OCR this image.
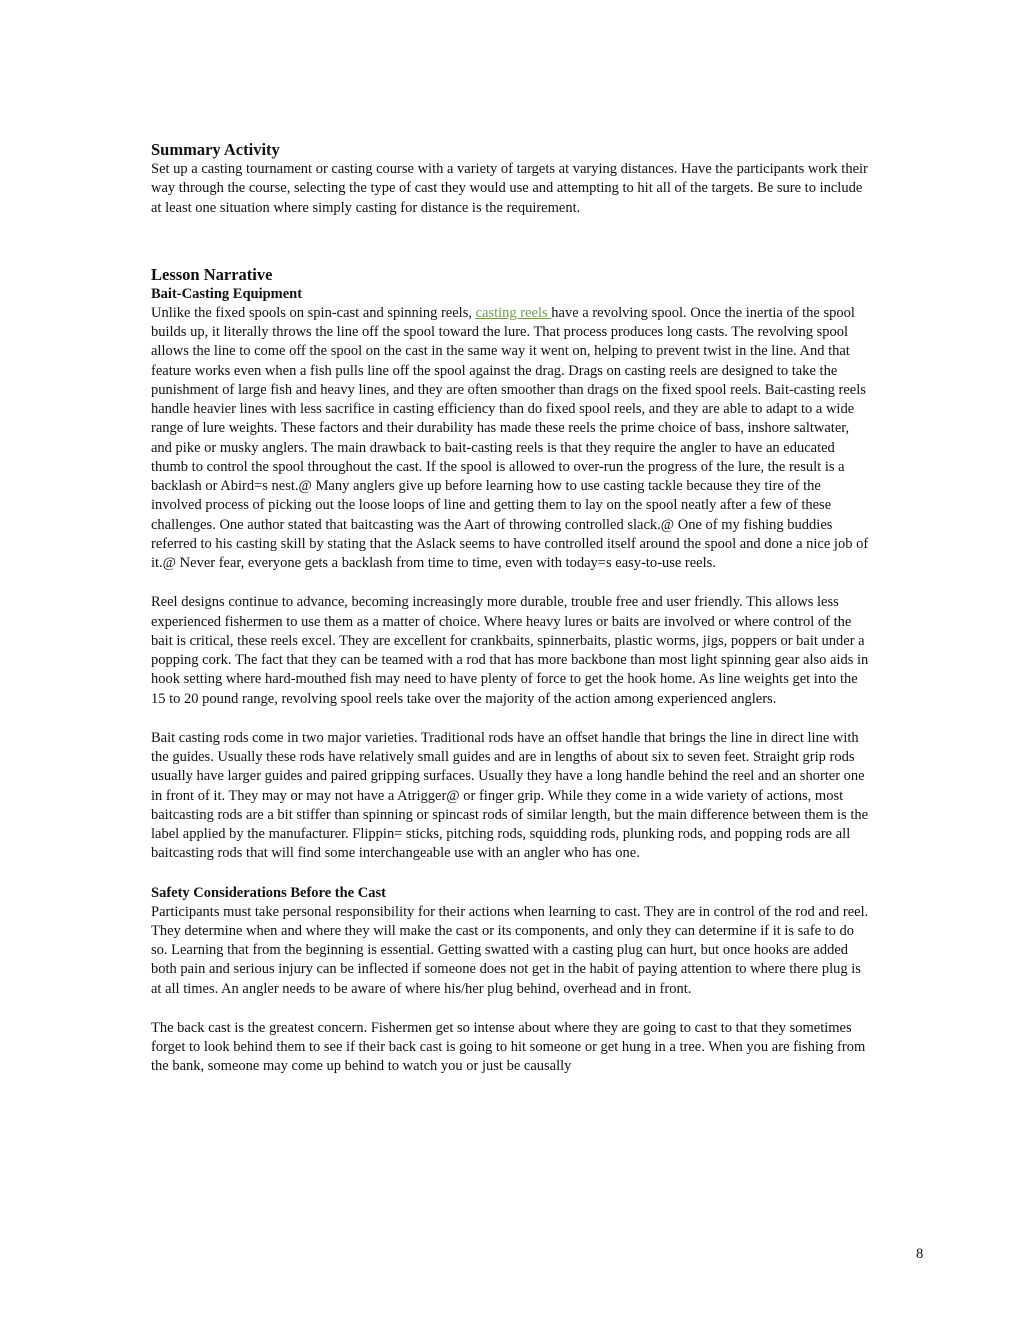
Summary Activity

Set up a casting tournament or casting course with a variety of targets at varying distances. Have the participants work their way through the course, selecting the type of cast they would use and attempting to hit all of the targets. Be sure to include at least one situation where simply casting for distance is the requirement.

Lesson Narrative
Bait-Casting Equipment

Unlike the fixed spools on spin-cast and spinning reels, casting reels have a revolving spool. Once the inertia of the spool builds up, it literally throws the line off the spool toward the lure. That process produces long casts. The revolving spool allows the line to come off the spool on the cast in the same way it went on, helping to prevent twist in the line. And that feature works even when a fish pulls line off the spool against the drag. Drags on casting reels are designed to take the punishment of large fish and heavy lines, and they are often smoother than drags on the fixed spool reels. Bait-casting reels handle heavier lines with less sacrifice in casting efficiency than do fixed spool reels, and they are able to adapt to a wide range of lure weights. These factors and their durability has made these reels the prime choice of bass, inshore saltwater, and pike or musky anglers. The main drawback to bait-casting reels is that they require the angler to have an educated thumb to control the spool throughout the cast. If the spool is allowed to over-run the progress of the lure, the result is a backlash or Abird=s nest.@ Many anglers give up before learning how to use casting tackle because they tire of the involved process of picking out the loose loops of line and getting them to lay on the spool neatly after a few of these challenges. One author stated that baitcasting was the Aart of throwing controlled slack.@ One of my fishing buddies referred to his casting skill by stating that the Aslack seems to have controlled itself around the spool and done a nice job of it.@ Never fear, everyone gets a backlash from time to time, even with today=s easy-to-use reels.

Reel designs continue to advance, becoming increasingly more durable, trouble free and user friendly. This allows less experienced fishermen to use them as a matter of choice. Where heavy lures or baits are involved or where control of the bait is critical, these reels excel. They are excellent for crankbaits, spinnerbaits, plastic worms, jigs, poppers or bait under a popping cork. The fact that they can be teamed with a rod that has more backbone than most light spinning gear also aids in hook setting where hard-mouthed fish may need to have plenty of force to get the hook home. As line weights get into the 15 to 20 pound range, revolving spool reels take over the majority of the action among experienced anglers.

Bait casting rods come in two major varieties. Traditional rods have an offset handle that brings the line in direct line with the guides. Usually these rods have relatively small guides and are in lengths of about six to seven feet. Straight grip rods usually have larger guides and paired gripping surfaces. Usually they have a long handle behind the reel and an shorter one in front of it. They may or may not have a Atrigger@ or finger grip. While they come in a wide variety of actions, most baitcasting rods are a bit stiffer than spinning or spincast rods of similar length, but the main difference between them is the label applied by the manufacturer. Flippin= sticks, pitching rods, squidding rods, plunking rods, and popping rods are all baitcasting rods that will find some interchangeable use with an angler who has one.

Safety Considerations Before the Cast

Participants must take personal responsibility for their actions when learning to cast. They are in control of the rod and reel. They determine when and where they will make the cast or its components, and only they can determine if it is safe to do so. Learning that from the beginning is essential. Getting swatted with a casting plug can hurt, but once hooks are added both pain and serious injury can be inflected if someone does not get in the habit of paying attention to where there plug is at all times. An angler needs to be aware of where his/her plug behind, overhead and in front.

The back cast is the greatest concern. Fishermen get so intense about where they are going to cast to that they sometimes forget to look behind them to see if their back cast is going to hit someone or get hung in a tree. When you are fishing from the bank, someone may come up behind to watch you or just be causally

8
